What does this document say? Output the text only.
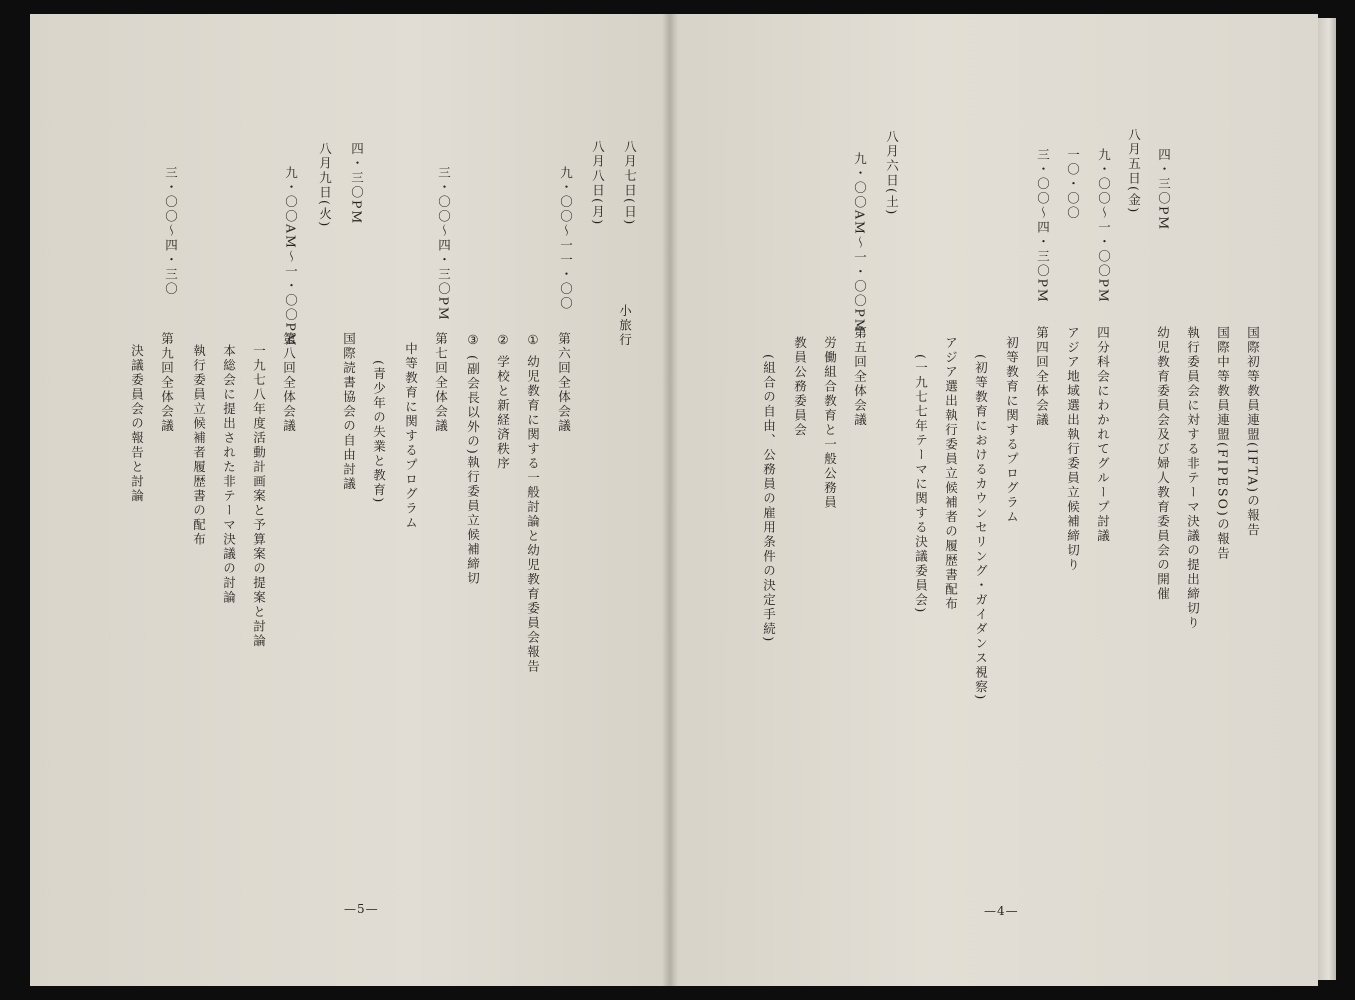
八月七日(日)
八月八日(月)
九・〇〇〜一一・〇〇
三・〇〇〜四・三〇PM
四・三〇PM
八月九日(火)
九・〇〇AM〜一・〇〇PM
三・〇〇〜四・三〇
小旅行
第六回全体会議
① 幼児教育に関する一般討論と幼児教育委員会報告
② 学校と新経済秩序
③ (副会長以外の)執行委員立候補締切
第七回全体会議
中等教育に関するプログラム
(青少年の失業と教育)
国際読書協会の自由討議
第八回全体会議
一九七八年度活動計画案と予算案の提案と討論
本総会に提出された非テーマ決議の討論
執行委員立候補者履歴書の配布
第九回全体会議
決議委員会の報告と討論
—5—
四・三〇PM
八月五日(金)
九・〇〇〜一・〇〇PM
一〇・〇〇
三・〇〇〜四・三〇PM
八月六日(土)
九・〇〇AM〜一・〇〇PM
国際初等教員連盟(IFTA)の報告
国際中等教員連盟(FIPESO)の報告
執行委員会に対する非テーマ決議の提出締切り
幼児教育委員会及び婦人教育委員会の開催
四分科会にわかれてグループ討議
アジア地域選出執行委員立候補締切り
第四回全体会議
初等教育に関するプログラム
(初等教育におけるカウンセリング・ガイダンス視察)
アジア選出執行委員立候補者の履歴書配布
(一九七七年テーマに関する決議委員会)
第五回全体会議
労働組合教育と一般公務員
教員公務委員会
(組合の自由、公務員の雇用条件の決定手続)
—4—
